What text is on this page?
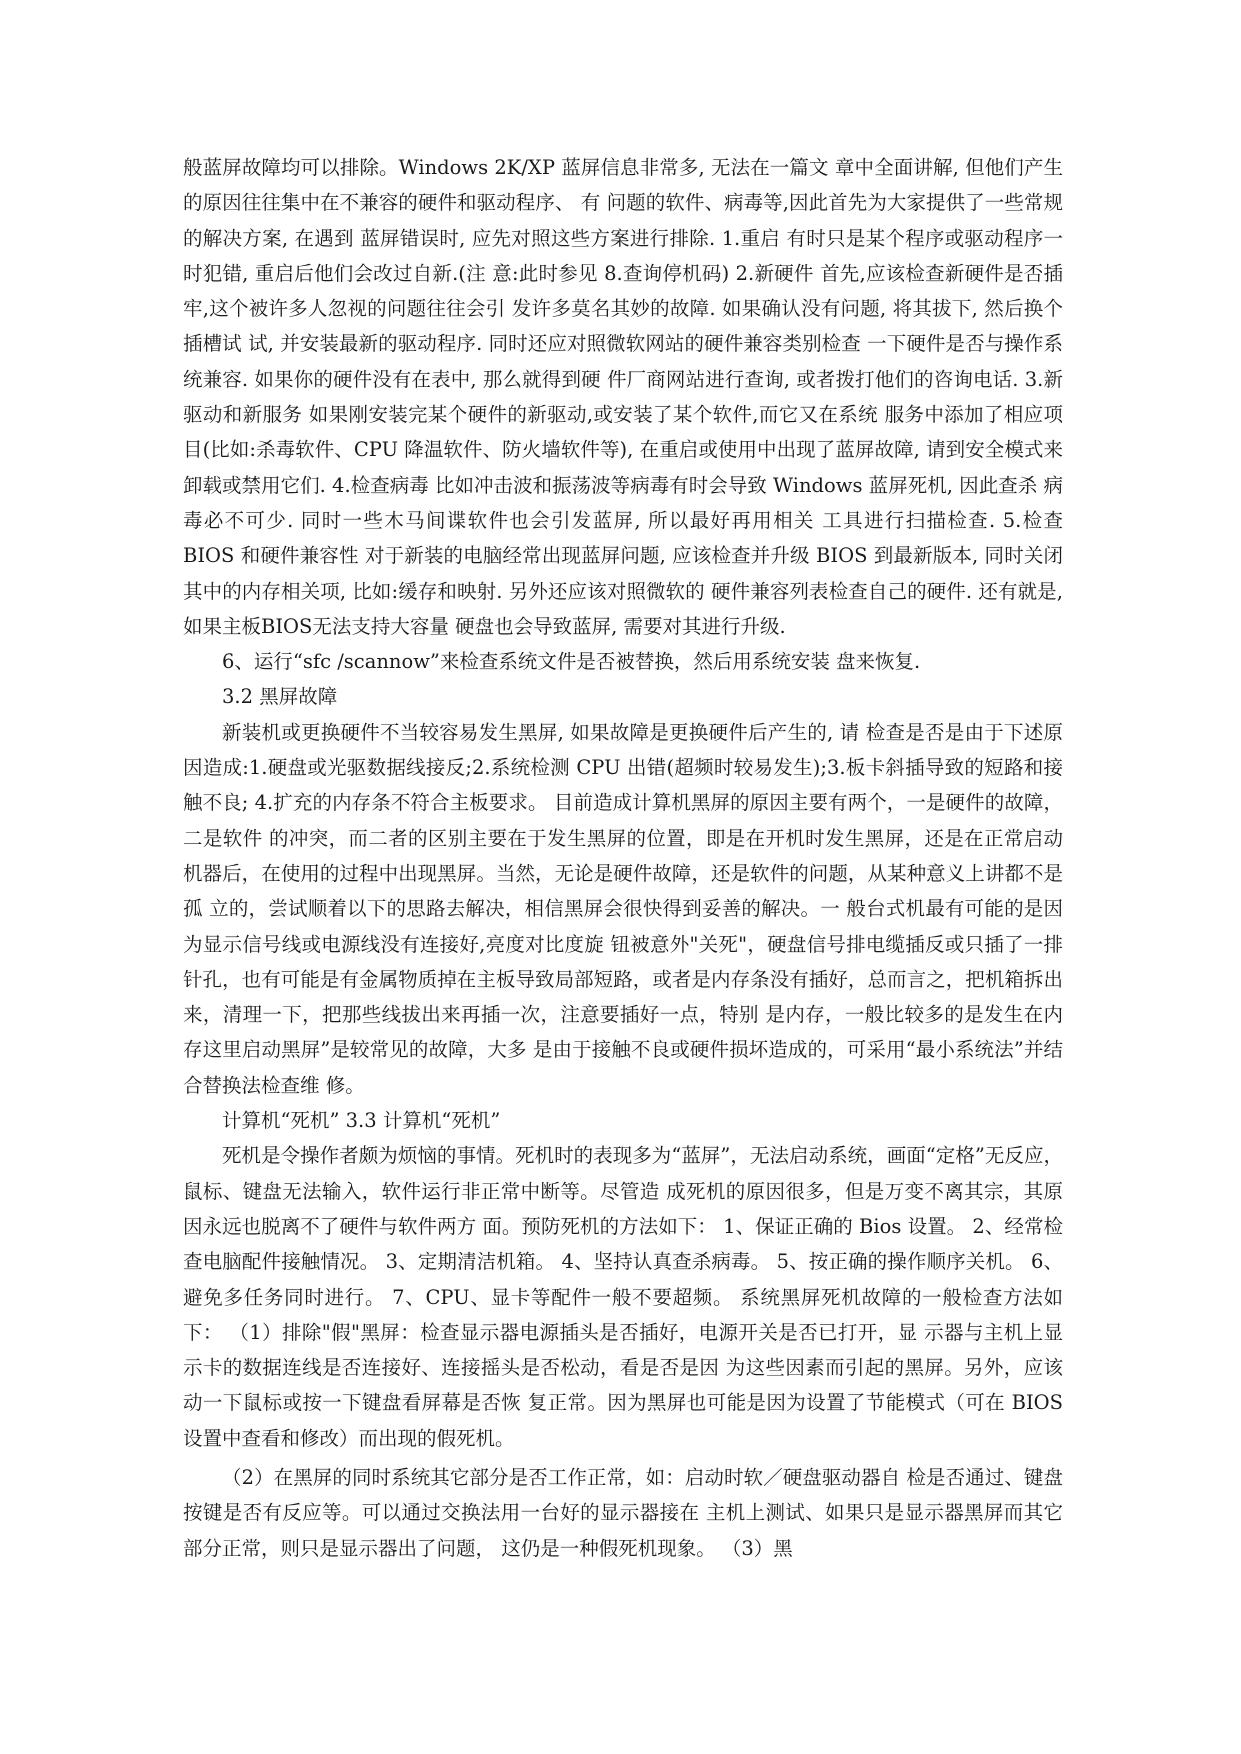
般蓝屏故障均可以排除。Windows 2K/XP 蓝屏信息非常多, 无法在一篇文 章中全面讲解, 但他们产生的原因往往集中在不兼容的硬件和驱动程序、 有 问题的软件、病毒等,因此首先为大家提供了一些常规的解决方案, 在遇到 蓝屏错误时, 应先对照这些方案进行排除. 1.重启 有时只是某个程序或驱动程序一时犯错, 重启后他们会改过自新.(注 意:此时参见 8.查询停机码) 2.新硬件 首先,应该检查新硬件是否插牢,这个被许多人忽视的问题往往会引 发许多莫名其妙的故障. 如果确认没有问题, 将其拔下, 然后换个插槽试 试, 并安装最新的驱动程序. 同时还应对照微软网站的硬件兼容类别检查 一下硬件是否与操作系统兼容. 如果你的硬件没有在表中, 那么就得到硬 件厂商网站进行查询, 或者拨打他们的咨询电话. 3.新驱动和新服务 如果刚安装完某个硬件的新驱动,或安装了某个软件,而它又在系统 服务中添加了相应项目(比如:杀毒软件、CPU 降温软件、防火墙软件等), 在重启或使用中出现了蓝屏故障, 请到安全模式来卸载或禁用它们. 4.检查病毒 比如冲击波和振荡波等病毒有时会导致 Windows 蓝屏死机, 因此查杀 病毒必不可少. 同时一些木马间谍软件也会引发蓝屏, 所以最好再用相关 工具进行扫描检查. 5.检查 BIOS 和硬件兼容性 对于新装的电脑经常出现蓝屏问题, 应该检查并升级 BIOS 到最新版本, 同时关闭其中的内存相关项, 比如:缓存和映射. 另外还应该对照微软的 硬件兼容列表检查自己的硬件. 还有就是, 如果主板BIOS无法支持大容量 硬盘也会导致蓝屏, 需要对其进行升级.

6、运行“sfc /scannow”来检查系统文件是否被替换，然后用系统安装 盘来恢复.

3.2 黑屏故障

新装机或更换硬件不当较容易发生黑屏, 如果故障是更换硬件后产生的, 请 检查是否是由于下述原因造成:1.硬盘或光驱数据线接反;2.系统检测 CPU 出错(超频时较易发生);3.板卡斜插导致的短路和接触不良; 4.扩充的内存条不符合主板要求。 目前造成计算机黑屏的原因主要有两个，一是硬件的故障，二是软件 的冲突，而二者的区别主要在于发生黑屏的位置，即是在开机时发生黑屏，还是在正常启动机器后，在使用的过程中出现黑屏。当然，无论是硬件故障，还是软件的问题，从某种意义上讲都不是孤 立的，尝试顺着以下的思路去解决，相信黑屏会很快得到妥善的解决。一 般台式机最有可能的是因为显示信号线或电源线没有连接好,亮度对比度旋 钮被意外"关死"，硬盘信号排电缆插反或只插了一排针孔，也有可能是有金属物质掉在主板导致局部短路，或者是内存条没有插好，总而言之，把机箱拆出来，清理一下，把那些线拔出来再插一次，注意要插好一点，特别 是内存，一般比较多的是发生在内存这里启动黑屏”是较常见的故障，大多 是由于接触不良或硬件损坏造成的，可采用“最小系统法”并结合替换法检查维 修。

计算机“死机” 3.3 计算机“死机”

死机是令操作者颇为烦恼的事情。死机时的表现多为“蓝屏”，无法启动系统，画面“定格”无反应，鼠标、键盘无法输入，软件运行非正常中断等。尽管造 成死机的原因很多，但是万变不离其宗，其原因永远也脱离不了硬件与软件两方 面。预防死机的方法如下： 1、保证正确的 Bios 设置。 2、经常检查电脑配件接触情况。 3、定期清洁机箱。 4、坚持认真查杀病毒。 5、按正确的操作顺序关机。 6、避免多任务同时进行。 7、CPU、显卡等配件一般不要超频。 系统黑屏死机故障的一般检查方法如下： （1）排除"假"黑屏：检查显示器电源插头是否插好，电源开关是否已打开，显 示器与主机上显示卡的数据连线是否连接好、连接摇头是否松动，看是否是因 为这些因素而引起的黑屏。另外，应该动一下鼠标或按一下键盘看屏幕是否恢 复正常。因为黑屏也可能是因为设置了节能模式（可在 BIOS 设置中查看和修改）而出现的假死机。

（2）在黑屏的同时系统其它部分是否工作正常，如：启动时软／硬盘驱动器自 检是否通过、键盘按键是否有反应等。可以通过交换法用一台好的显示器接在 主机上测试、如果只是显示器黑屏而其它部分正常，则只是显示器出了问题， 这仍是一种假死机现象。 （3）黑
